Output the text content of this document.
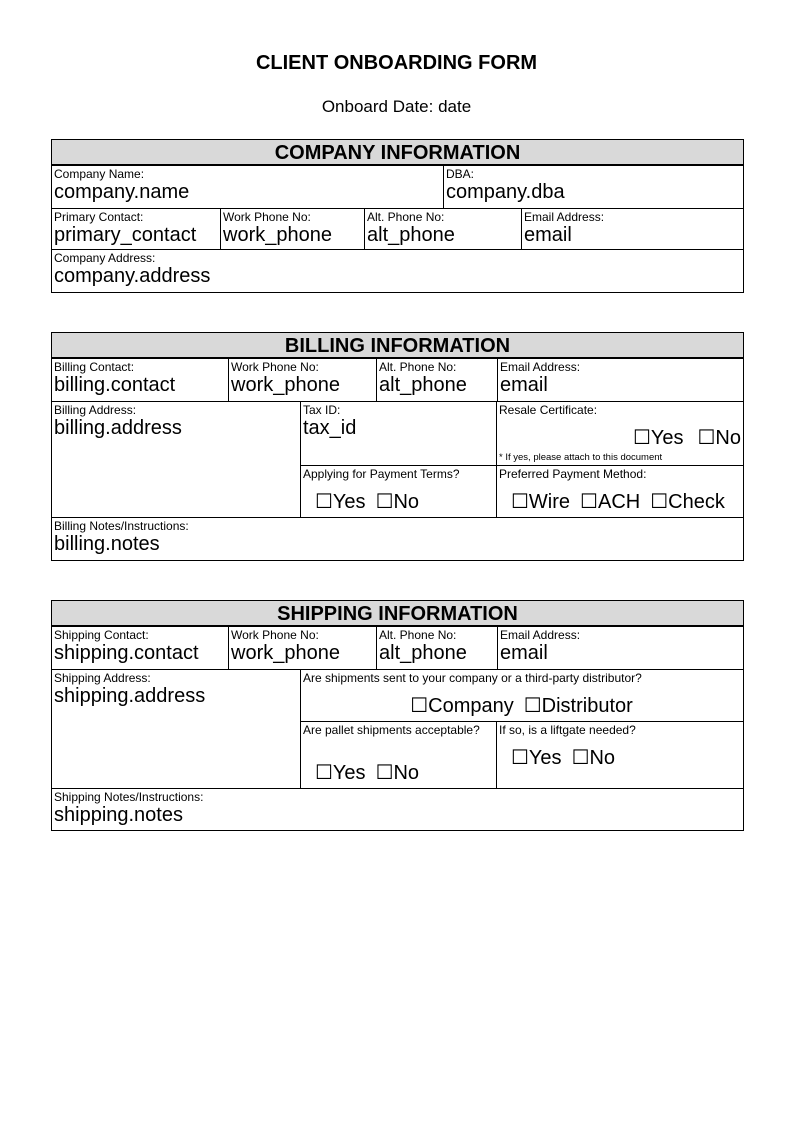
CLIENT ONBOARDING FORM
Onboard Date: date
COMPANY INFORMATION
Company Name:
company.name
DBA:
company.dba
Primary Contact:
primary_contact
Work Phone No:
work_phone
Alt. Phone No:
alt_phone
Email Address:
email
Company Address:
company.address
BILLING INFORMATION
Billing Contact:
billing.contact
Work Phone No:
work_phone
Alt. Phone No:
alt_phone
Email Address:
email
Billing Address:
billing.address
Tax ID:
tax_id
Resale Certificate:
☐Yes ☐No
* If yes, please attach to this document
Applying for Payment Terms?
☐Yes ☐No
Preferred Payment Method:
☐Wire ☐ACH ☐Check
Billing Notes/Instructions:
billing.notes
SHIPPING INFORMATION
Shipping Contact:
shipping.contact
Work Phone No:
work_phone
Alt. Phone No:
alt_phone
Email Address:
email
Shipping Address:
shipping.address
Are shipments sent to your company or a third-party distributor?
☐Company ☐Distributor
Are pallet shipments acceptable?
☐Yes ☐No
If so, is a liftgate needed?
☐Yes ☐No
Shipping Notes/Instructions:
shipping.notes
